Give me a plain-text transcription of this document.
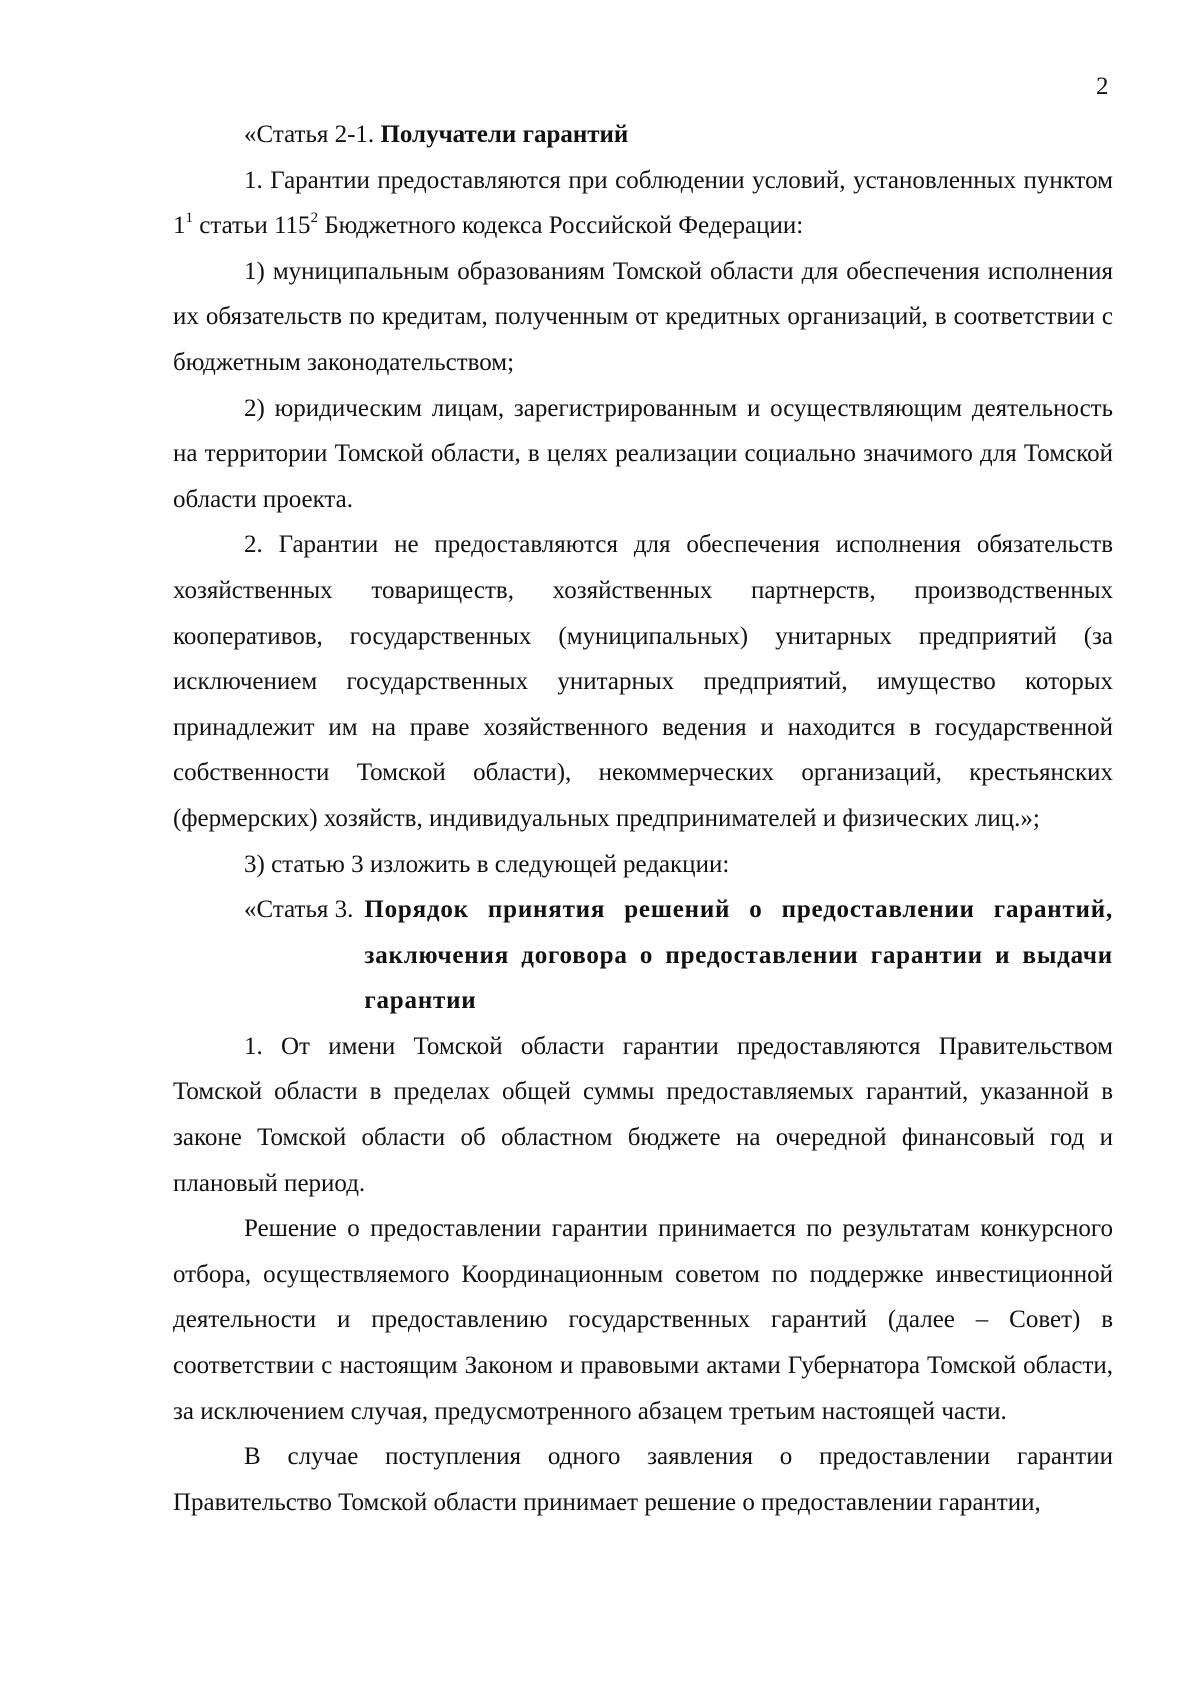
2

«Статья 2-1. Получатели гарантий

1. Гарантии предоставляются при соблюдении условий, установленных пунктом $1^1$ статьи $115^2$ Бюджетного кодекса Российской Федерации:

1) муниципальным образованиям Томской области для обеспечения исполнения их обязательств по кредитам, полученным от кредитных организаций, в соответствии с бюджетным законодательством;

2) юридическим лицам, зарегистрированным и осуществляющим деятельность на территории Томской области, в целях реализации социально значимого для Томской области проекта.

2. Гарантии не предоставляются для обеспечения исполнения обязательств хозяйственных товариществ, хозяйственных партнерств, производственных кооперативов, государственных (муниципальных) унитарных предприятий (за исключением государственных унитарных предприятий, имущество которых принадлежит им на праве хозяйственного ведения и находится в государственной собственности Томской области), некоммерческих организаций, крестьянских (фермерских) хозяйств, индивидуальных предпринимателей и физических лиц.»;

3) статью 3 изложить в следующей редакции:

«Статья 3. Порядок принятия решений о предоставлении гарантий, заключения договора о предоставлении гарантии и выдачи гарантии

1. От имени Томской области гарантии предоставляются Правительством Томской области в пределах общей суммы предоставляемых гарантий, указанной в законе Томской области об областном бюджете на очередной финансовый год и плановый период.

Решение о предоставлении гарантии принимается по результатам конкурсного отбора, осуществляемого Координационным советом по поддержке инвестиционной деятельности и предоставлению государственных гарантий (далее – Совет) в соответствии с настоящим Законом и правовыми актами Губернатора Томской области, за исключением случая, предусмотренного абзацем третьим настоящей части.

В случае поступления одного заявления о предоставлении гарантии Правительство Томской области принимает решение о предоставлении гарантии,
